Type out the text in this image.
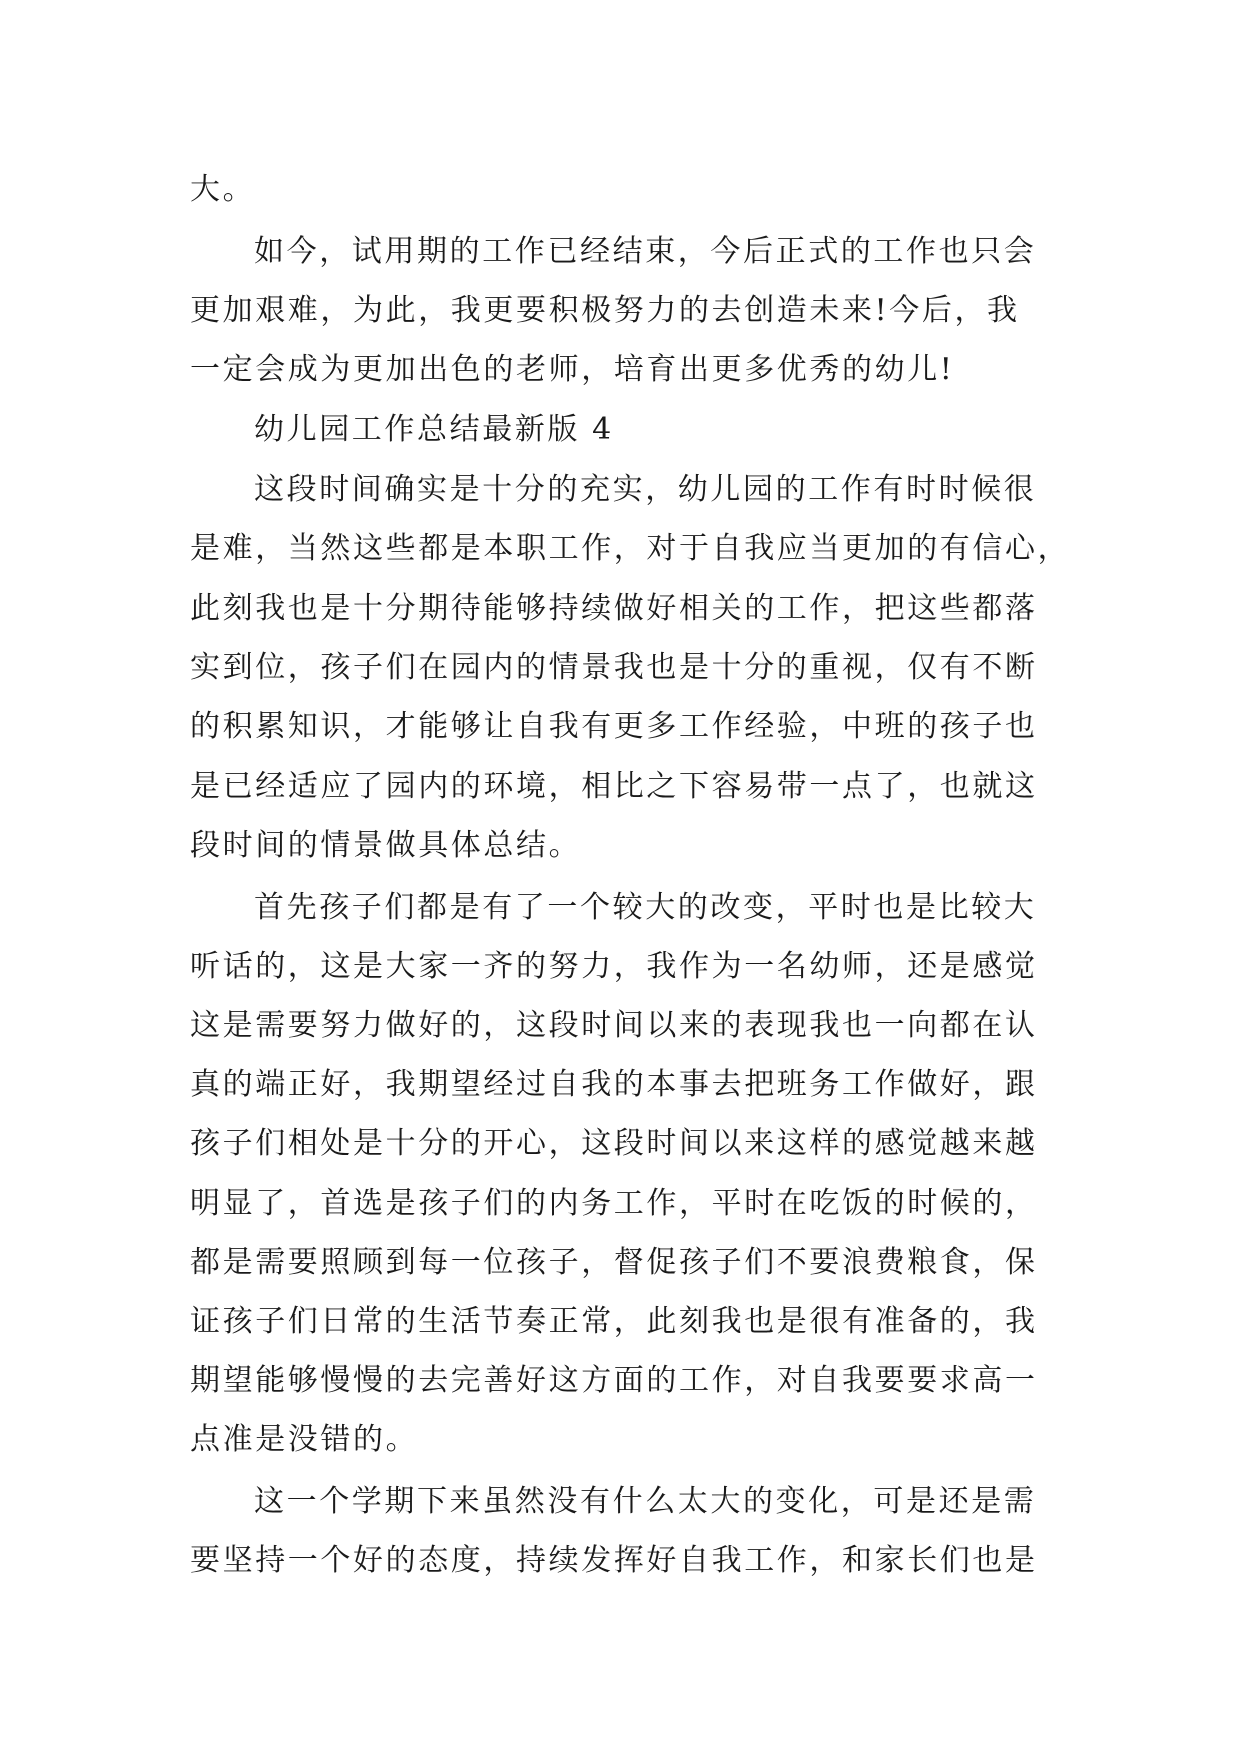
大。
如今，试用期的工作已经结束，今后正式的工作也只会
更加艰难，为此，我更要积极努力的去创造未来!今后，我
一定会成为更加出色的老师，培育出更多优秀的幼儿!
幼儿园工作总结最新版 4
这段时间确实是十分的充实，幼儿园的工作有时时候很
是难，当然这些都是本职工作，对于自我应当更加的有信心，
此刻我也是十分期待能够持续做好相关的工作，把这些都落
实到位，孩子们在园内的情景我也是十分的重视，仅有不断
的积累知识，才能够让自我有更多工作经验，中班的孩子也
是已经适应了园内的环境，相比之下容易带一点了，也就这
段时间的情景做具体总结。
首先孩子们都是有了一个较大的改变，平时也是比较大
听话的，这是大家一齐的努力，我作为一名幼师，还是感觉
这是需要努力做好的，这段时间以来的表现我也一向都在认
真的端正好，我期望经过自我的本事去把班务工作做好，跟
孩子们相处是十分的开心，这段时间以来这样的感觉越来越
明显了，首选是孩子们的内务工作，平时在吃饭的时候的，
都是需要照顾到每一位孩子，督促孩子们不要浪费粮食，保
证孩子们日常的生活节奏正常，此刻我也是很有准备的，我
期望能够慢慢的去完善好这方面的工作，对自我要要求高一
点准是没错的。
这一个学期下来虽然没有什么太大的变化，可是还是需
要坚持一个好的态度，持续发挥好自我工作，和家长们也是
